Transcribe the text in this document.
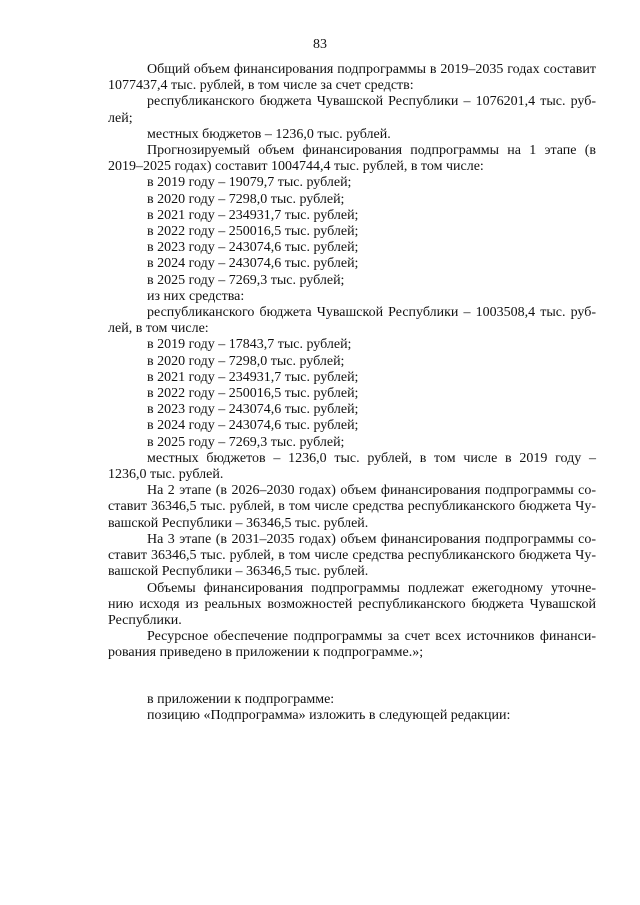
83
Общий объем финансирования подпрограммы в 2019–2035 годах составит
1077437,4 тыс. рублей, в том числе за счет средств:
республиканского бюджета Чувашской Республики – 1076201,4 тыс. руб-
лей;
местных бюджетов – 1236,0 тыс. рублей.
Прогнозируемый объем финансирования подпрограммы на 1 этапе (в
2019–2025 годах) составит 1004744,4 тыс. рублей, в том числе:
в 2019 году – 19079,7 тыс. рублей;
в 2020 году – 7298,0 тыс. рублей;
в 2021 году – 234931,7 тыс. рублей;
в 2022 году – 250016,5 тыс. рублей;
в 2023 году – 243074,6 тыс. рублей;
в 2024 году – 243074,6 тыс. рублей;
в 2025 году – 7269,3 тыс. рублей;
из них средства:
республиканского бюджета Чувашской Республики – 1003508,4 тыс. руб-
лей, в том числе:
в 2019 году – 17843,7 тыс. рублей;
в 2020 году – 7298,0 тыс. рублей;
в 2021 году – 234931,7 тыс. рублей;
в 2022 году – 250016,5 тыс. рублей;
в 2023 году – 243074,6 тыс. рублей;
в 2024 году – 243074,6 тыс. рублей;
в 2025 году – 7269,3 тыс. рублей;
местных бюджетов – 1236,0 тыс. рублей, в том числе в 2019 году –
1236,0 тыс. рублей.
На 2 этапе (в 2026–2030 годах) объем финансирования подпрограммы со-
ставит 36346,5 тыс. рублей, в том числе средства республиканского бюджета Чу-
вашской Республики – 36346,5 тыс. рублей.
На 3 этапе (в 2031–2035 годах) объем финансирования подпрограммы со-
ставит 36346,5 тыс. рублей, в том числе средства республиканского бюджета Чу-
вашской Республики – 36346,5 тыс. рублей.
Объемы финансирования подпрограммы подлежат ежегодному уточне-
нию исходя из реальных возможностей республиканского бюджета Чувашской
Республики.
Ресурсное обеспечение подпрограммы за счет всех источников финанси-
рования приведено в приложении к подпрограмме.»;
в приложении к подпрограмме:
позицию «Подпрограмма» изложить в следующей редакции:
